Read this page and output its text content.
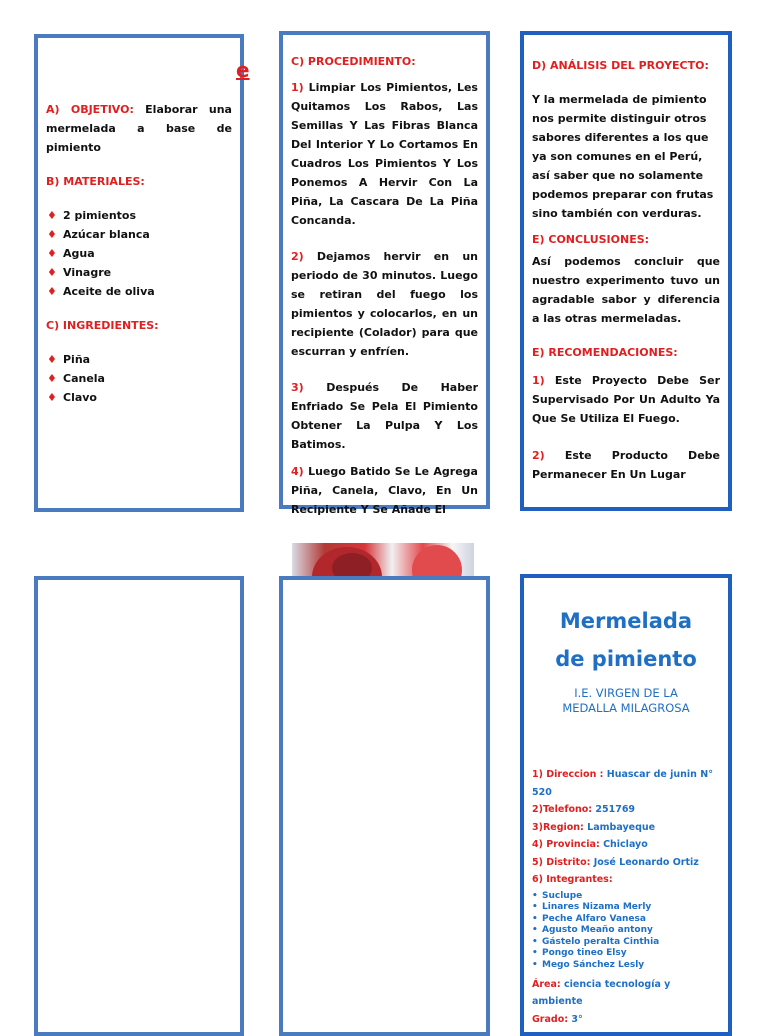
e
A) OBJETIVO: Elaborar una mermelada a base de pimiento
B) MATERIALES:
♦ 2 pimientos
♦ Azúcar blanca
♦ Agua
♦ Vinagre
♦ Aceite de oliva
C) INGREDIENTES:
♦ Piña
♦ Canela
♦ Clavo
C) PROCEDIMIENTO:
1) Limpiar Los Pimientos, Les Quitamos Los Rabos, Las Semillas Y Las Fibras Blanca Del Interior Y Lo Cortamos En Cuadros Los Pimientos Y Los Ponemos A Hervir Con La Piña, La Cascara De La Piña Concanda.
2) Dejamos hervir en un periodo de 30 minutos. Luego se retiran del fuego los pimientos y colocarlos, en un recipiente (Colador) para que escurran y enfríen.
3) Después De Haber Enfriado Se Pela El Pimiento Obtener La Pulpa Y Los Batimos.
4) Luego Batido Se Le Agrega Piña, Canela, Clavo, En Un Recipiente Y Se Añade El
D) ANÁLISIS DEL PROYECTO:
Y la mermelada de pimiento nos permite distinguir otros sabores diferentes a los que ya son comunes en el Perú, así saber que no solamente podemos preparar con frutas sino también con verduras.
E) CONCLUSIONES:
Así podemos concluir que nuestro experimento tuvo un agradable sabor y diferencia a las otras mermeladas.
E) RECOMENDACIONES:
1) Este Proyecto Debe Ser Supervisado Por Un Adulto Ya Que Se Utiliza El Fuego.
2) Este Producto Debe Permanecer En Un Lugar
Mermelada
de pimiento
I.E. VIRGEN DE LA
MEDALLA MILAGROSA
1) Direccion : Huascar de junin N° 520
2)Telefono: 251769
3)Region: Lambayeque
4) Provincia: Chiclayo
5) Distrito: José Leonardo Ortiz
6) Integrantes:
• Suclupe
• Linares Nizama Merly
• Peche Alfaro Vanesa
• Agusto Meaño antony
• Gástelo peralta Cinthia
• Pongo tineo Elsy
• Mego Sánchez Lesly
Área: ciencia tecnología y ambiente
Grado: 3°
